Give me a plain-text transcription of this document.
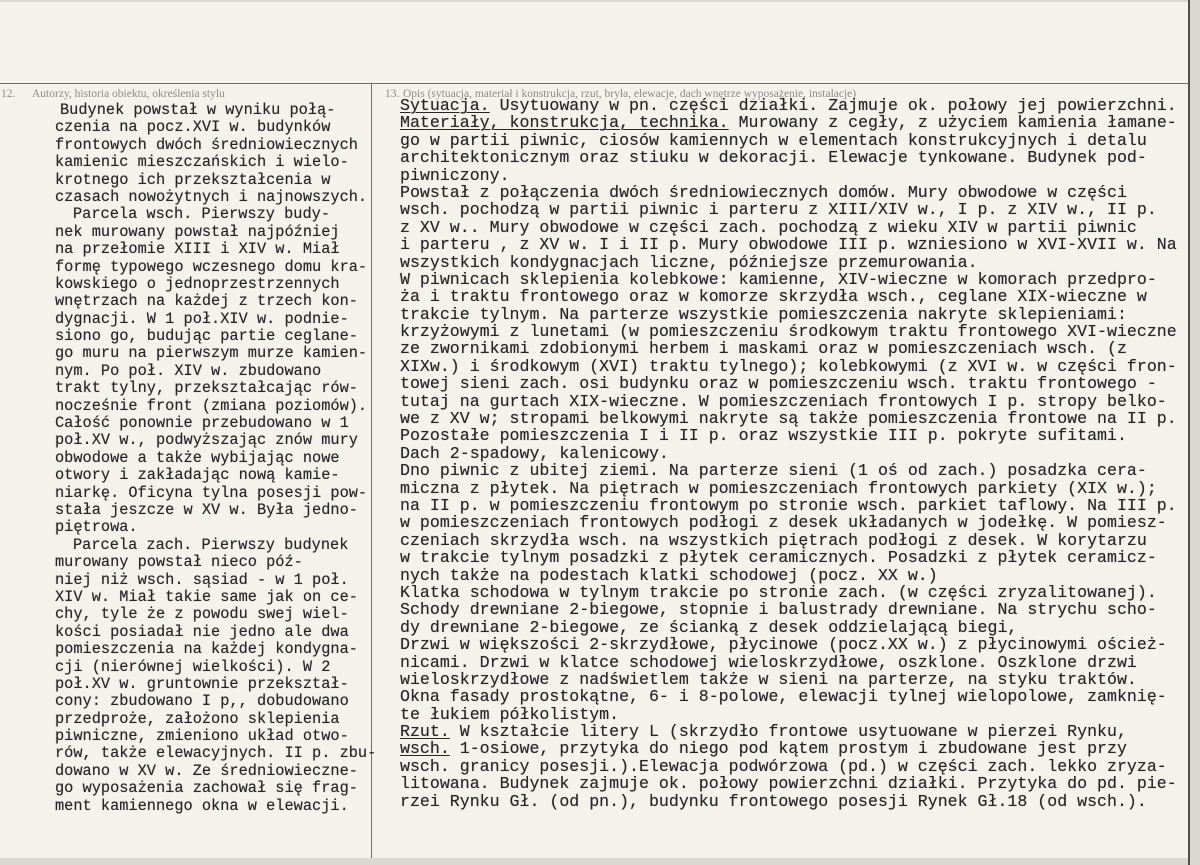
12. Autorzy, historia obiektu, określenia stylu	13. Opis (sytuacja, materiał i konstrukcja, rzut, bryła, elewacje, dach wnętrze wyposażenie, instalacje)
Budynek powstał w wyniku połą-
czenia na pocz.XVI w. budynków
frontowych dwóch średniowiecznych
kamienic mieszczańskich i wielo-
krotnego ich przekształcenia w
czasach nowożytnych i najnowszych.
Parcela wsch. Pierwszy budy-
nek murowany powstał najpóźniej
na przełomie XIII i XIV w. Miał
formę typowego wczesnego domu kra-
kowskiego o jednoprzestrzennych
wnętrzach na każdej z trzech kon-
dygnacji. W 1 poł.XIV w. podnie-
siono go, budując partie ceglane-
go muru na pierwszym murze kamien-
nym. Po poł. XIV w. zbudowano
trakt tylny, przekształcając rów-
nocześnie front (zmiana poziomów).
Całość ponownie przebudowano w 1
poł.XV w., podwyższając znów mury
obwodowe a także wybijając nowe
otwory i zakładając nową kamie-
niarkę. Oficyna tylna posesji pow-
stała jeszcze w XV w. Była jedno-
piętrowa.
Parcela zach. Pierwszy budynek
murowany powstał nieco póź-
niej niż wsch. sąsiad - w 1 poł.
XIV w. Miał takie same jak on ce-
chy, tyle że z powodu swej wiel-
kości posiadał nie jedno ale dwa
pomieszczenia na każdej kondygna-
cji (nierównej wielkości). W 2
poł.XV w. gruntownie przekształ-
cony: zbudowano I p,, dobudowano
przedproże, założono sklepienia
piwniczne, zmieniono układ otwo-
rów, także elewacyjnych. II p. zbu-
dowano w XV w. Ze średniowieczne-
go wyposażenia zachował się frag-
ment kamiennego okna w elewacji.
Sytuacja. Usytuowany w pn. części działki. Zajmuje ok. połowy jej powierzchni.
Materiały, konstrukcja, technika. Murowany z cegły, z użyciem kamienia łamane-
go w partii piwnic, ciosów kamiennych w elementach konstrukcyjnych i detalu
architektonicznym oraz stiuku w dekoracji. Elewacje tynkowane. Budynek pod-
piwniczony.
Powstał z połączenia dwóch średniowiecznych domów. Mury obwodowe w części
wsch. pochodzą w partii piwnic i parteru z XIII/XIV w., I p. z XIV w., II p.
z XV w.. Mury obwodowe w części zach. pochodzą z wieku XIV w partii piwnic
i parteru , z XV w. I i II p. Mury obwodowe III p. wzniesiono w XVI-XVII w. Na
wszystkich kondygnacjach liczne, późniejsze przemurowania.
W piwnicach sklepienia kolebkowe: kamienne, XIV-wieczne w komorach przedpro-
ża i traktu frontowego oraz w komorze skrzydła wsch., ceglane XIX-wieczne w
trakcie tylnym. Na parterze wszystkie pomieszczenia nakryte sklepieniami:
krzyżowymi z lunetami (w pomieszczeniu środkowym traktu frontowego XVI-wieczne
ze zwornikami zdobionymi herbem i maskami oraz w pomieszczeniach wsch. (z
XIXw.) i środkowym (XVI) traktu tylnego); kolebkowymi (z XVI w. w części fron-
towej sieni zach. osi budynku oraz w pomieszczeniu wsch. traktu frontowego -
tutaj na gurtach XIX-wieczne. W pomieszczeniach frontowych I p. stropy belko-
we z XV w; stropami belkowymi nakryte są także pomieszczenia frontowe na II p.
Pozostałe pomieszczenia I i II p. oraz wszystkie III p. pokryte sufitami.
Dach 2-spadowy, kalenicowy.
Dno piwnic z ubitej ziemi. Na parterze sieni (1 oś od zach.) posadzka cera-
miczna z płytek. Na piętrach w pomieszczeniach frontowych parkiety (XIX w.);
na II p. w pomieszczeniu frontowym po stronie wsch. parkiet taflowy. Na III p.
w pomieszczeniach frontowych podłogi z desek układanych w jodełkę. W pomiesz-
czeniach skrzydła wsch. na wszystkich piętrach podłogi z desek. W korytarzu
w trakcie tylnym posadzki z płytek ceramicznych. Posadzki z płytek ceramicz-
nych także na podestach klatki schodowej (pocz. XX w.)
Klatka schodowa w tylnym trakcie po stronie zach. (w części zryzalitowanej).
Schody drewniane 2-biegowe, stopnie i balustrady drewniane. Na strychu scho-
dy drewniane 2-biegowe, ze ścianką z desek oddzielającą biegi,
Drzwi w większości 2-skrzydłowe, płycinowe (pocz.XX w.) z płycinowymi oścież-
nicami. Drzwi w klatce schodowej wieloskrzydłowe, oszklone. Oszklone drzwi
wieloskrzydłowe z nadświetlem także w sieni na parterze, na styku traktów.
Okna fasady prostokątne, 6- i 8-polowe, elewacji tylnej wielopolowe, zamknię-
te łukiem półkolistym.
Rzut. W kształcie litery L (skrzydło frontowe usytuowane w pierzei Rynku,
wsch. 1-osiowe, przytyka do niego pod kątem prostym i zbudowane jest przy
wsch. granicy posesji.).Elewacja podwórzowa (pd.) w części zach. lekko zryza-
litowana. Budynek zajmuje ok. połowy powierzchni działki. Przytyka do pd. pie-
rzei Rynku Gł. (od pn.), budynku frontowego posesji Rynek Gł.18 (od wsch.).
